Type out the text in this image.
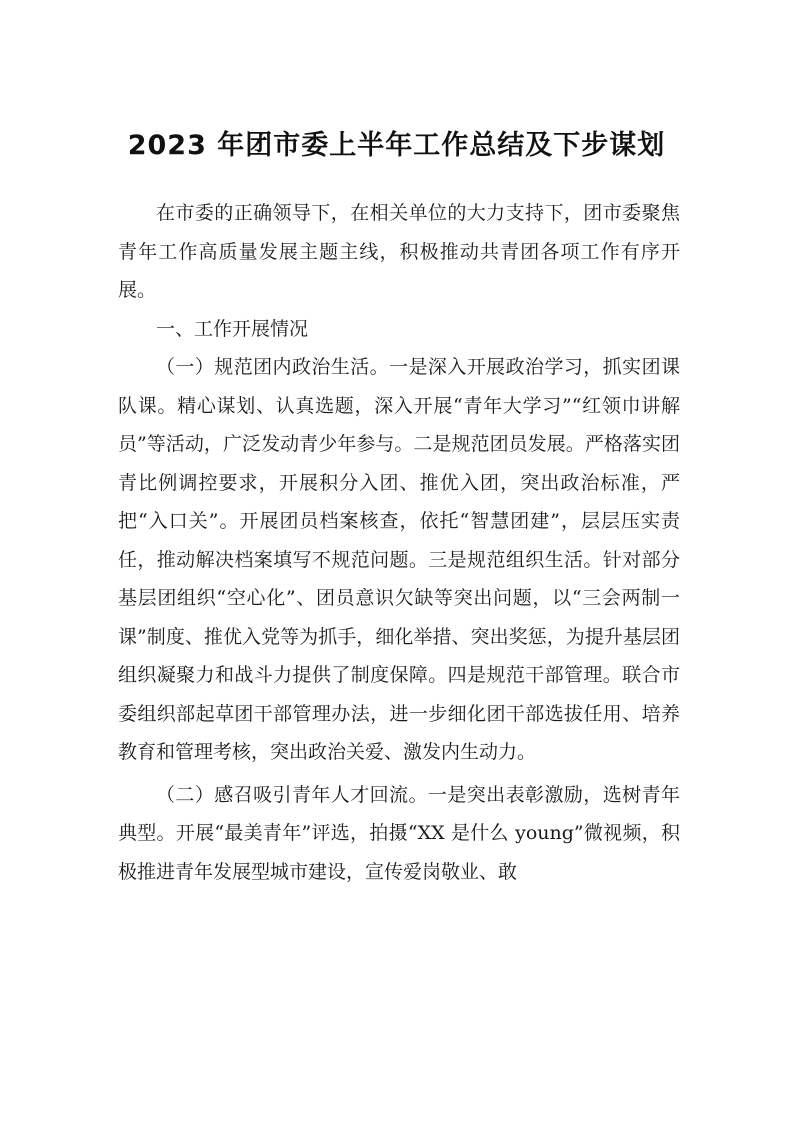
2023 年团市委上半年工作总结及下步谋划

在市委的正确领导下，在相关单位的大力支持下，团市委聚焦青年工作高质量发展主题主线，积极推动共青团各项工作有序开展。

一、工作开展情况

（一）规范团内政治生活。一是深入开展政治学习，抓实团课队课。精心谋划、认真选题，深入开展“青年大学习”“红领巾讲解员”等活动，广泛发动青少年参与。二是规范团员发展。严格落实团青比例调控要求，开展积分入团、推优入团，突出政治标准，严把“入口关”。开展团员档案核查，依托“智慧团建”，层层压实责任，推动解决档案填写不规范问题。三是规范组织生活。针对部分基层团组织“空心化”、团员意识欠缺等突出问题，以“三会两制一课”制度、推优入党等为抓手，细化举措、突出奖惩，为提升基层团组织凝聚力和战斗力提供了制度保障。四是规范干部管理。联合市委组织部起草团干部管理办法，进一步细化团干部选拔任用、培养教育和管理考核，突出政治关爱、激发内生动力。

（二）感召吸引青年人才回流。一是突出表彰激励，选树青年典型。开展“最美青年”评选，拍摄“XX 是什么 young”微视频，积极推进青年发展型城市建设，宣传爱岗敬业、敢
